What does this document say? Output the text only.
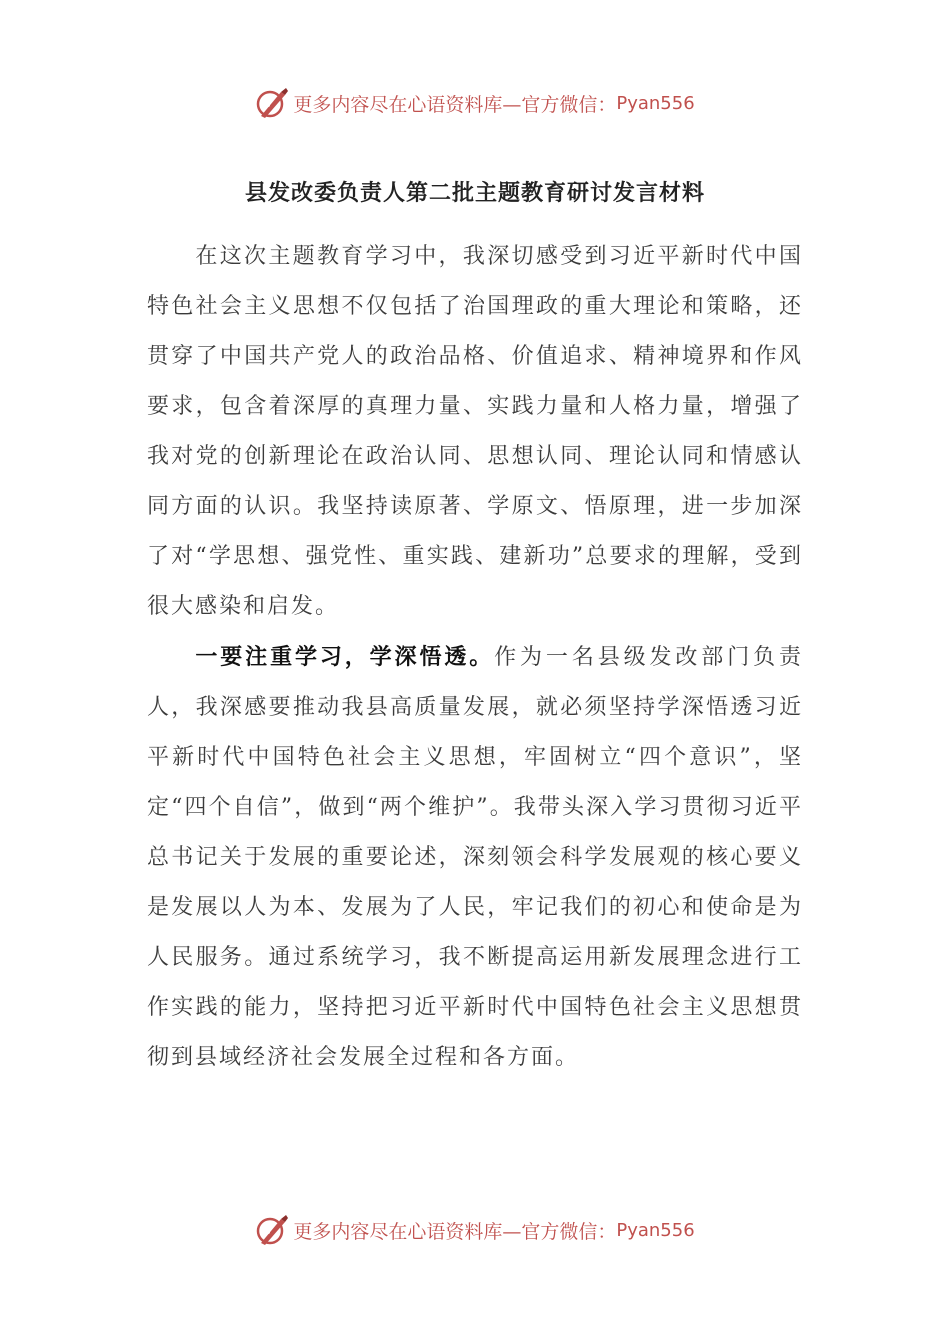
更多内容尽在心语资料库—官方微信： Pyan556
县发改委负责人第二批主题教育研讨发言材料

在这次主题教育学习中，我深切感受到习近平新时代中国特色社会主义思想不仅包括了治国理政的重大理论和策略，还贯穿了中国共产党人的政治品格、价值追求、精神境界和作风要求，包含着深厚的真理力量、实践力量和人格力量，增强了我对党的创新理论在政治认同、思想认同、理论认同和情感认同方面的认识。我坚持读原著、学原文、悟原理，进一步加深了对“学思想、强党性、重实践、建新功”总要求的理解，受到很大感染和启发。

一要注重学习，学深悟透。作为一名县级发改部门负责人，我深感要推动我县高质量发展，就必须坚持学深悟透习近平新时代中国特色社会主义思想，牢固树立“四个意识”，坚定“四个自信”，做到“两个维护”。我带头深入学习贯彻习近平总书记关于发展的重要论述，深刻领会科学发展观的核心要义是发展以人为本、发展为了人民，牢记我们的初心和使命是为人民服务。通过系统学习，我不断提高运用新发展理念进行工作实践的能力，坚持把习近平新时代中国特色社会主义思想贯彻到县域经济社会发展全过程和各方面。

更多内容尽在心语资料库—官方微信： Pyan556
